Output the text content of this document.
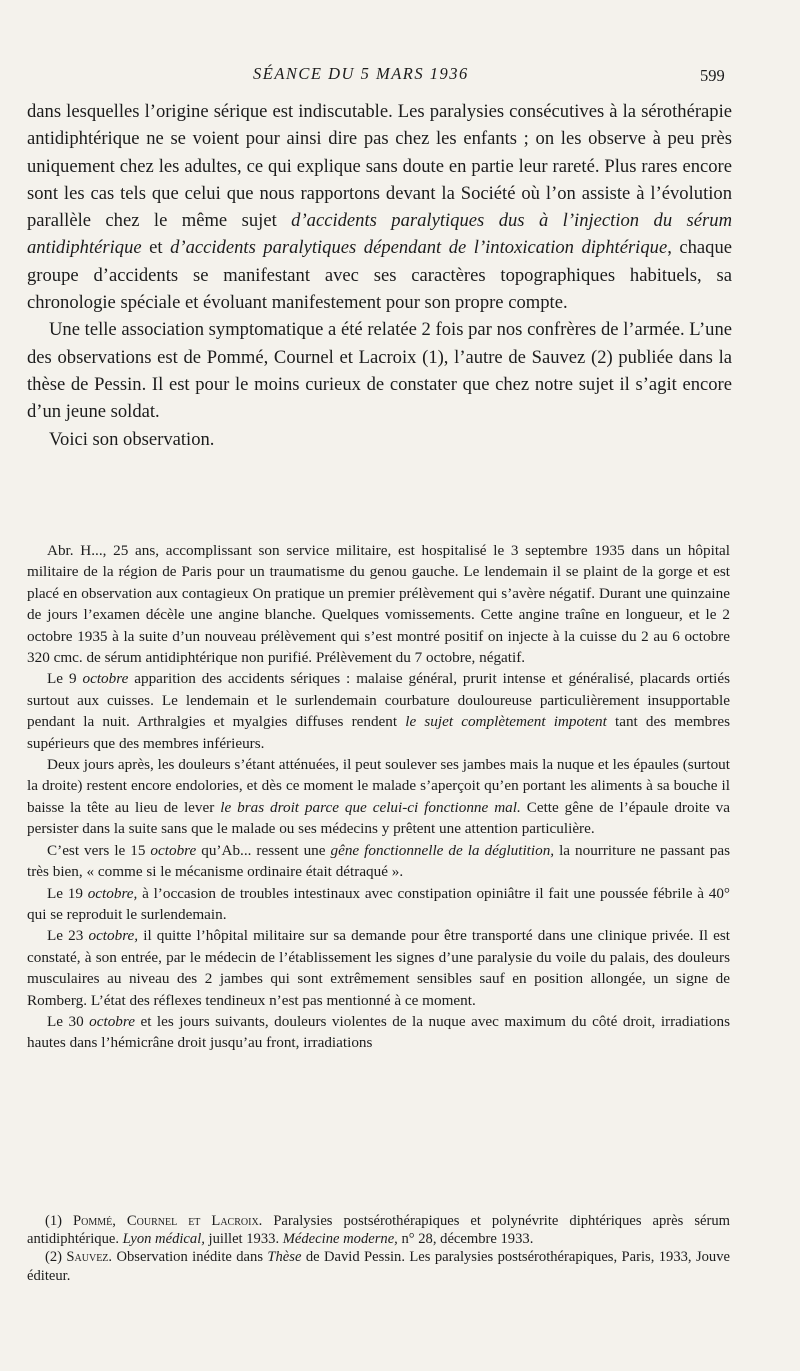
SÉANCE DU 5 MARS 1936	599

dans lesquelles l’origine sérique est indiscutable. Les paralysies consécutives à la sérothérapie antidiphtérique ne se voient pour ainsi dire pas chez les enfants ; on les observe à peu près uniquement chez les adultes, ce qui explique sans doute en partie leur rareté. Plus rares encore sont les cas tels que celui que nous rapportons devant la Société où l’on assiste à l’évolution parallèle chez le même sujet d’accidents paralytiques dus à l’injection du sérum antidiphtérique et d’accidents paralytiques dépendant de l’intoxication diphtérique, chaque groupe d’accidents se manifestant avec ses caractères topographiques habituels, sa chronologie spéciale et évoluant manifestement pour son propre compte.

Une telle association symptomatique a été relatée 2 fois par nos confrères de l’armée. L’une des observations est de Pommé, Cournel et Lacroix (1), l’autre de Sauvez (2) publiée dans la thèse de Pessin. Il est pour le moins curieux de constater que chez notre sujet il s’agit encore d’un jeune soldat.

Voici son observation.

Abr. H..., 25 ans, accomplissant son service militaire, est hospitalisé le 3 septembre 1935 dans un hôpital militaire de la région de Paris pour un traumatisme du genou gauche. Le lendemain il se plaint de la gorge et est placé en observation aux contagieux On pratique un premier prélèvement qui s’avère négatif. Durant une quinzaine de jours l’examen décèle une angine blanche. Quelques vomissements. Cette angine traîne en longueur, et le 2 octobre 1935 à la suite d’un nouveau prélèvement qui s’est montré positif on injecte à la cuisse du 2 au 6 octobre 320 cmc. de sérum antidiphtérique non purifié. Prélèvement du 7 octobre, négatif.

Le 9 octobre apparition des accidents sériques : malaise général, prurit intense et généralisé, placards ortiés surtout aux cuisses. Le lendemain et le surlendemain courbature douloureuse particulièrement insupportable pendant la nuit. Arthralgies et myalgies diffuses rendent le sujet complètement impotent tant des membres supérieurs que des membres inférieurs.

Deux jours après, les douleurs s’étant atténuées, il peut soulever ses jambes mais la nuque et les épaules (surtout la droite) restent encore endolories, et dès ce moment le malade s’aperçoit qu’en portant les aliments à sa bouche il baisse la tête au lieu de lever le bras droit parce que celui-ci fonctionne mal. Cette gêne de l’épaule droite va persister dans la suite sans que le malade ou ses médecins y prêtent une attention particulière.

C’est vers le 15 octobre qu’Ab... ressent une gêne fonctionnelle de la déglutition, la nourriture ne passant pas très bien, « comme si le mécanisme ordinaire était détraqué ».

Le 19 octobre, à l’occasion de troubles intestinaux avec constipation opiniâtre il fait une poussée fébrile à 40° qui se reproduit le surlendemain.

Le 23 octobre, il quitte l’hôpital militaire sur sa demande pour être transporté dans une clinique privée. Il est constaté, à son entrée, par le médecin de l’établissement les signes d’une paralysie du voile du palais, des douleurs musculaires au niveau des 2 jambes qui sont extrêmement sensibles sauf en position allongée, un signe de Romberg. L’état des réflexes tendineux n’est pas mentionné à ce moment.

Le 30 octobre et les jours suivants, douleurs violentes de la nuque avec maximum du côté droit, irradiations hautes dans l’hémicrâne droit jusqu’au front, irradiations

(1) Pommé, Cournel et Lacroix. Paralysies postsérothérapiques et polynévrite diphtériques après sérum antidiphtérique. Lyon médical, juillet 1933. Médecine moderne, n° 28, décembre 1933.

(2) Sauvez. Observation inédite dans Thèse de David Pessin. Les paralysies postsérothérapiques, Paris, 1933, Jouve éditeur.
